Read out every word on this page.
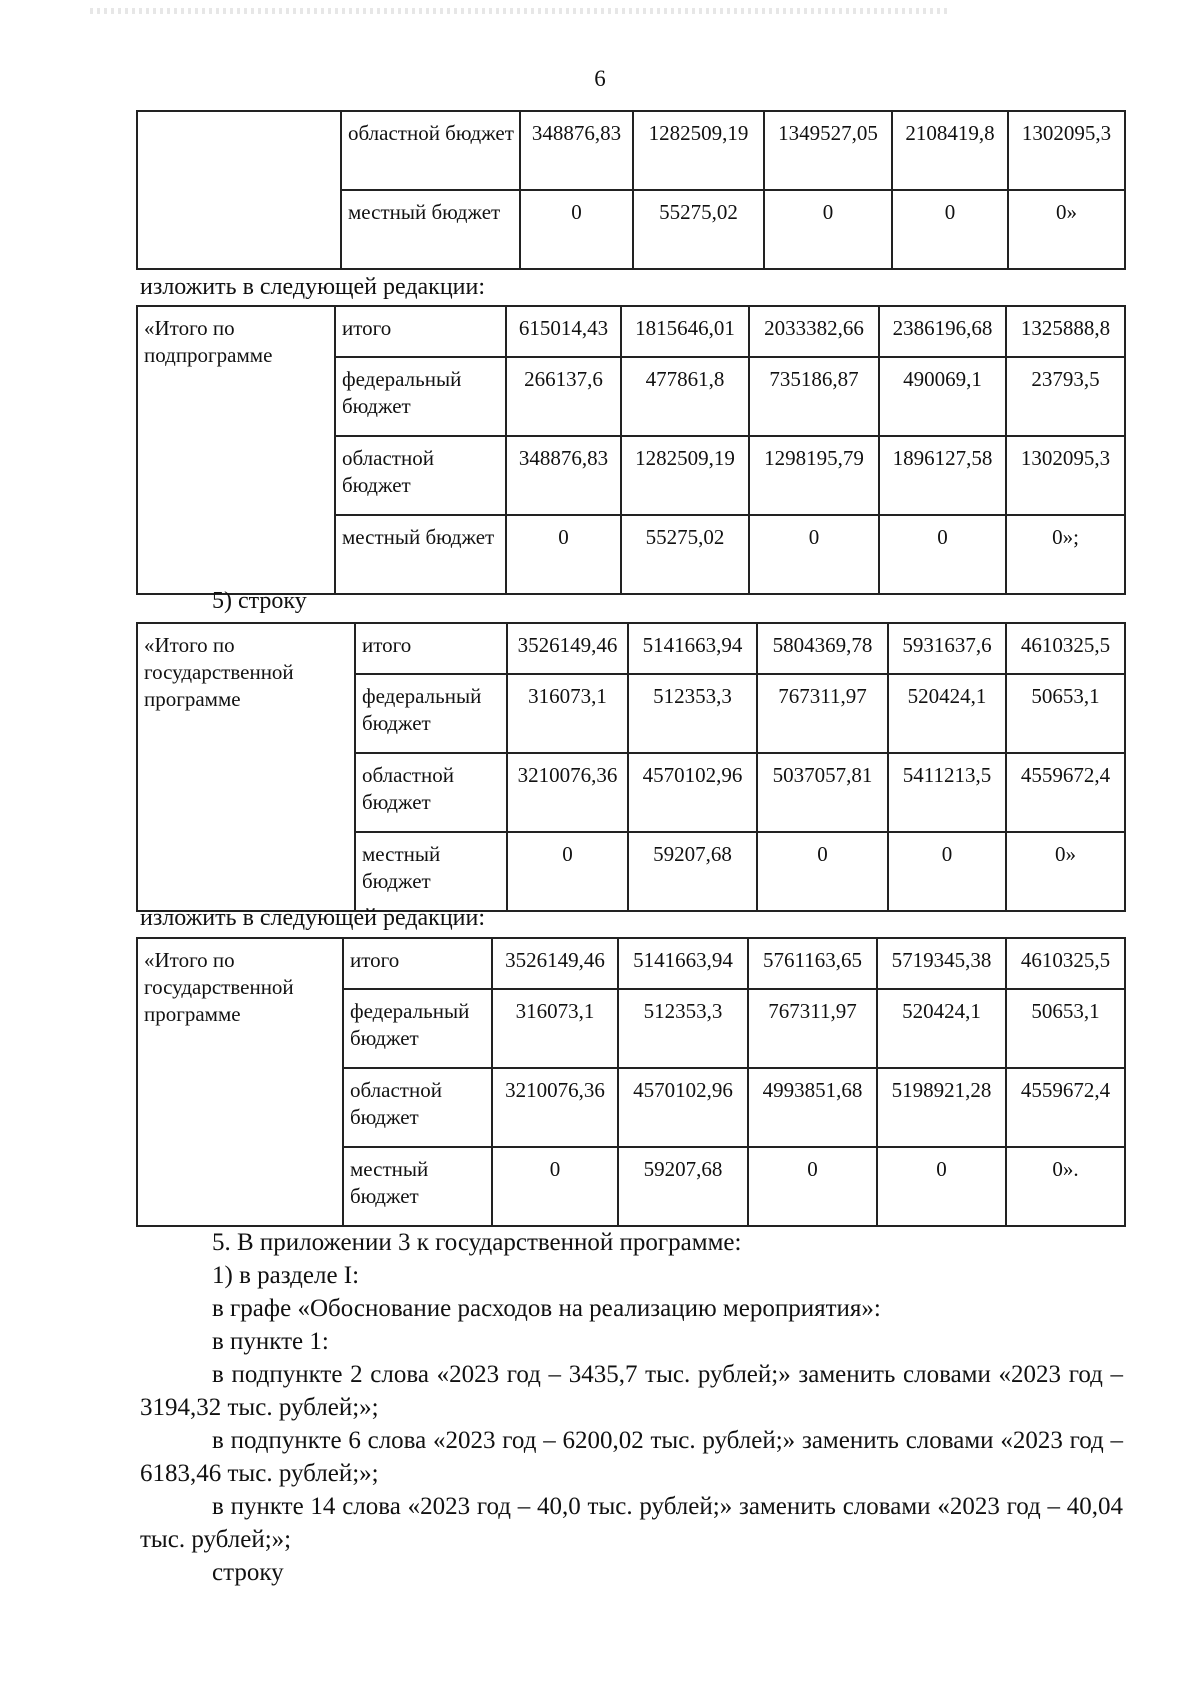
6
	областной бюджет	348876,83	1282509,19	1349527,05	2108419,8	1302095,3
	местный бюджет	0	55275,02	0	0	0»
изложить в следующей редакции:
«Итого по подпрограмме	итого	615014,43	1815646,01	2033382,66	2386196,68	1325888,8
	федеральный бюджет	266137,6	477861,8	735186,87	490069,1	23793,5
	областной бюджет	348876,83	1282509,19	1298195,79	1896127,58	1302095,3
	местный бюджет	0	55275,02	0	0	0»;
5) строку
«Итого по государственной программе	итого	3526149,46	5141663,94	5804369,78	5931637,6	4610325,5
	федеральный бюджет	316073,1	512353,3	767311,97	520424,1	50653,1
	областной бюджет	3210076,36	4570102,96	5037057,81	5411213,5	4559672,4
	местный бюджет	0	59207,68	0	0	0»
изложить в следующей редакции:
«Итого по государственной программе	итого	3526149,46	5141663,94	5761163,65	5719345,38	4610325,5
	федеральный бюджет	316073,1	512353,3	767311,97	520424,1	50653,1
	областной бюджет	3210076,36	4570102,96	4993851,68	5198921,28	4559672,4
	местный бюджет	0	59207,68	0	0	0».
5. В приложении 3 к государственной программе:
1) в разделе I:
в графе «Обоснование расходов на реализацию мероприятия»:
в пункте 1:
в подпункте 2 слова «2023 год – 3435,7 тыс. рублей;» заменить словами «2023 год – 3194,32 тыс. рублей;»;
в подпункте 6 слова «2023 год – 6200,02 тыс. рублей;» заменить словами «2023 год – 6183,46 тыс. рублей;»;
в пункте 14 слова «2023 год – 40,0 тыс. рублей;» заменить словами «2023 год – 40,04 тыс. рублей;»;
строку
